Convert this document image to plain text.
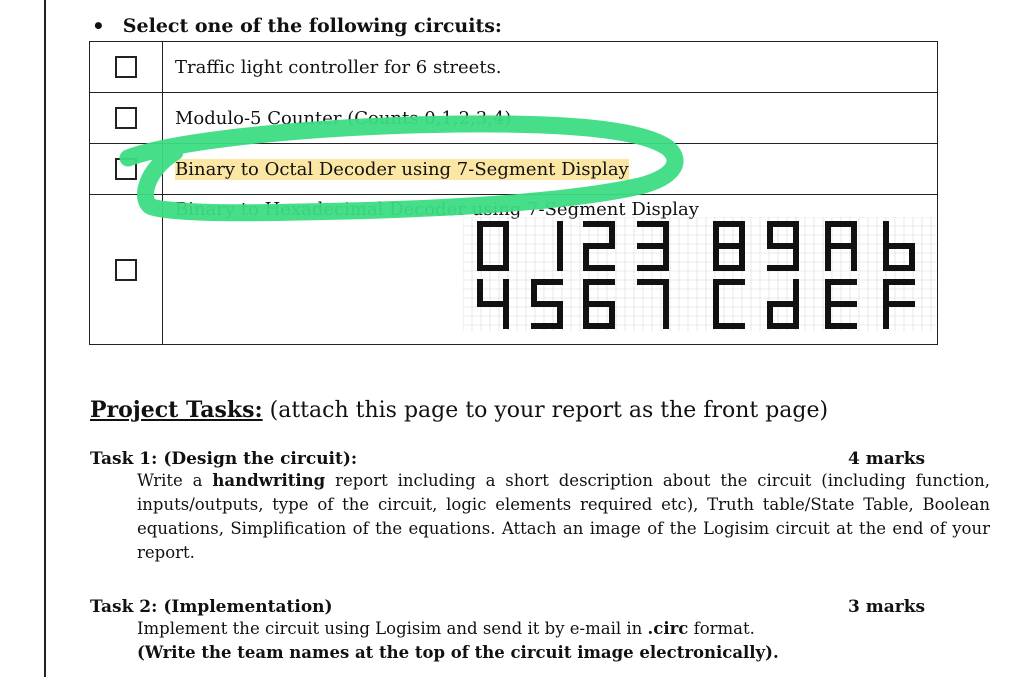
• Select one of the following circuits:
	Traffic light controller for 6 streets.
	Modulo-5 Counter (Counts 0,1,2,3,4)
	Binary to Octal Decoder using 7-Segment Display

	Binary to Hexadecimal Decoder using 7-Segment Display
Project Tasks: (attach this page to your report as the front page)
Task 1: (Design the circuit):	4 marks
Write a handwriting report including a short description about the circuit (including function, inputs/outputs, type of the circuit, logic elements required etc), Truth table/State Table, Boolean equations, Simplification of the equations. Attach an image of the Logisim circuit at the end of your report.
Task 2: (Implementation)	3 marks
Implement the circuit using Logisim and send it by e-mail in .circ format.
(Write the team names at the top of the circuit image electronically).
